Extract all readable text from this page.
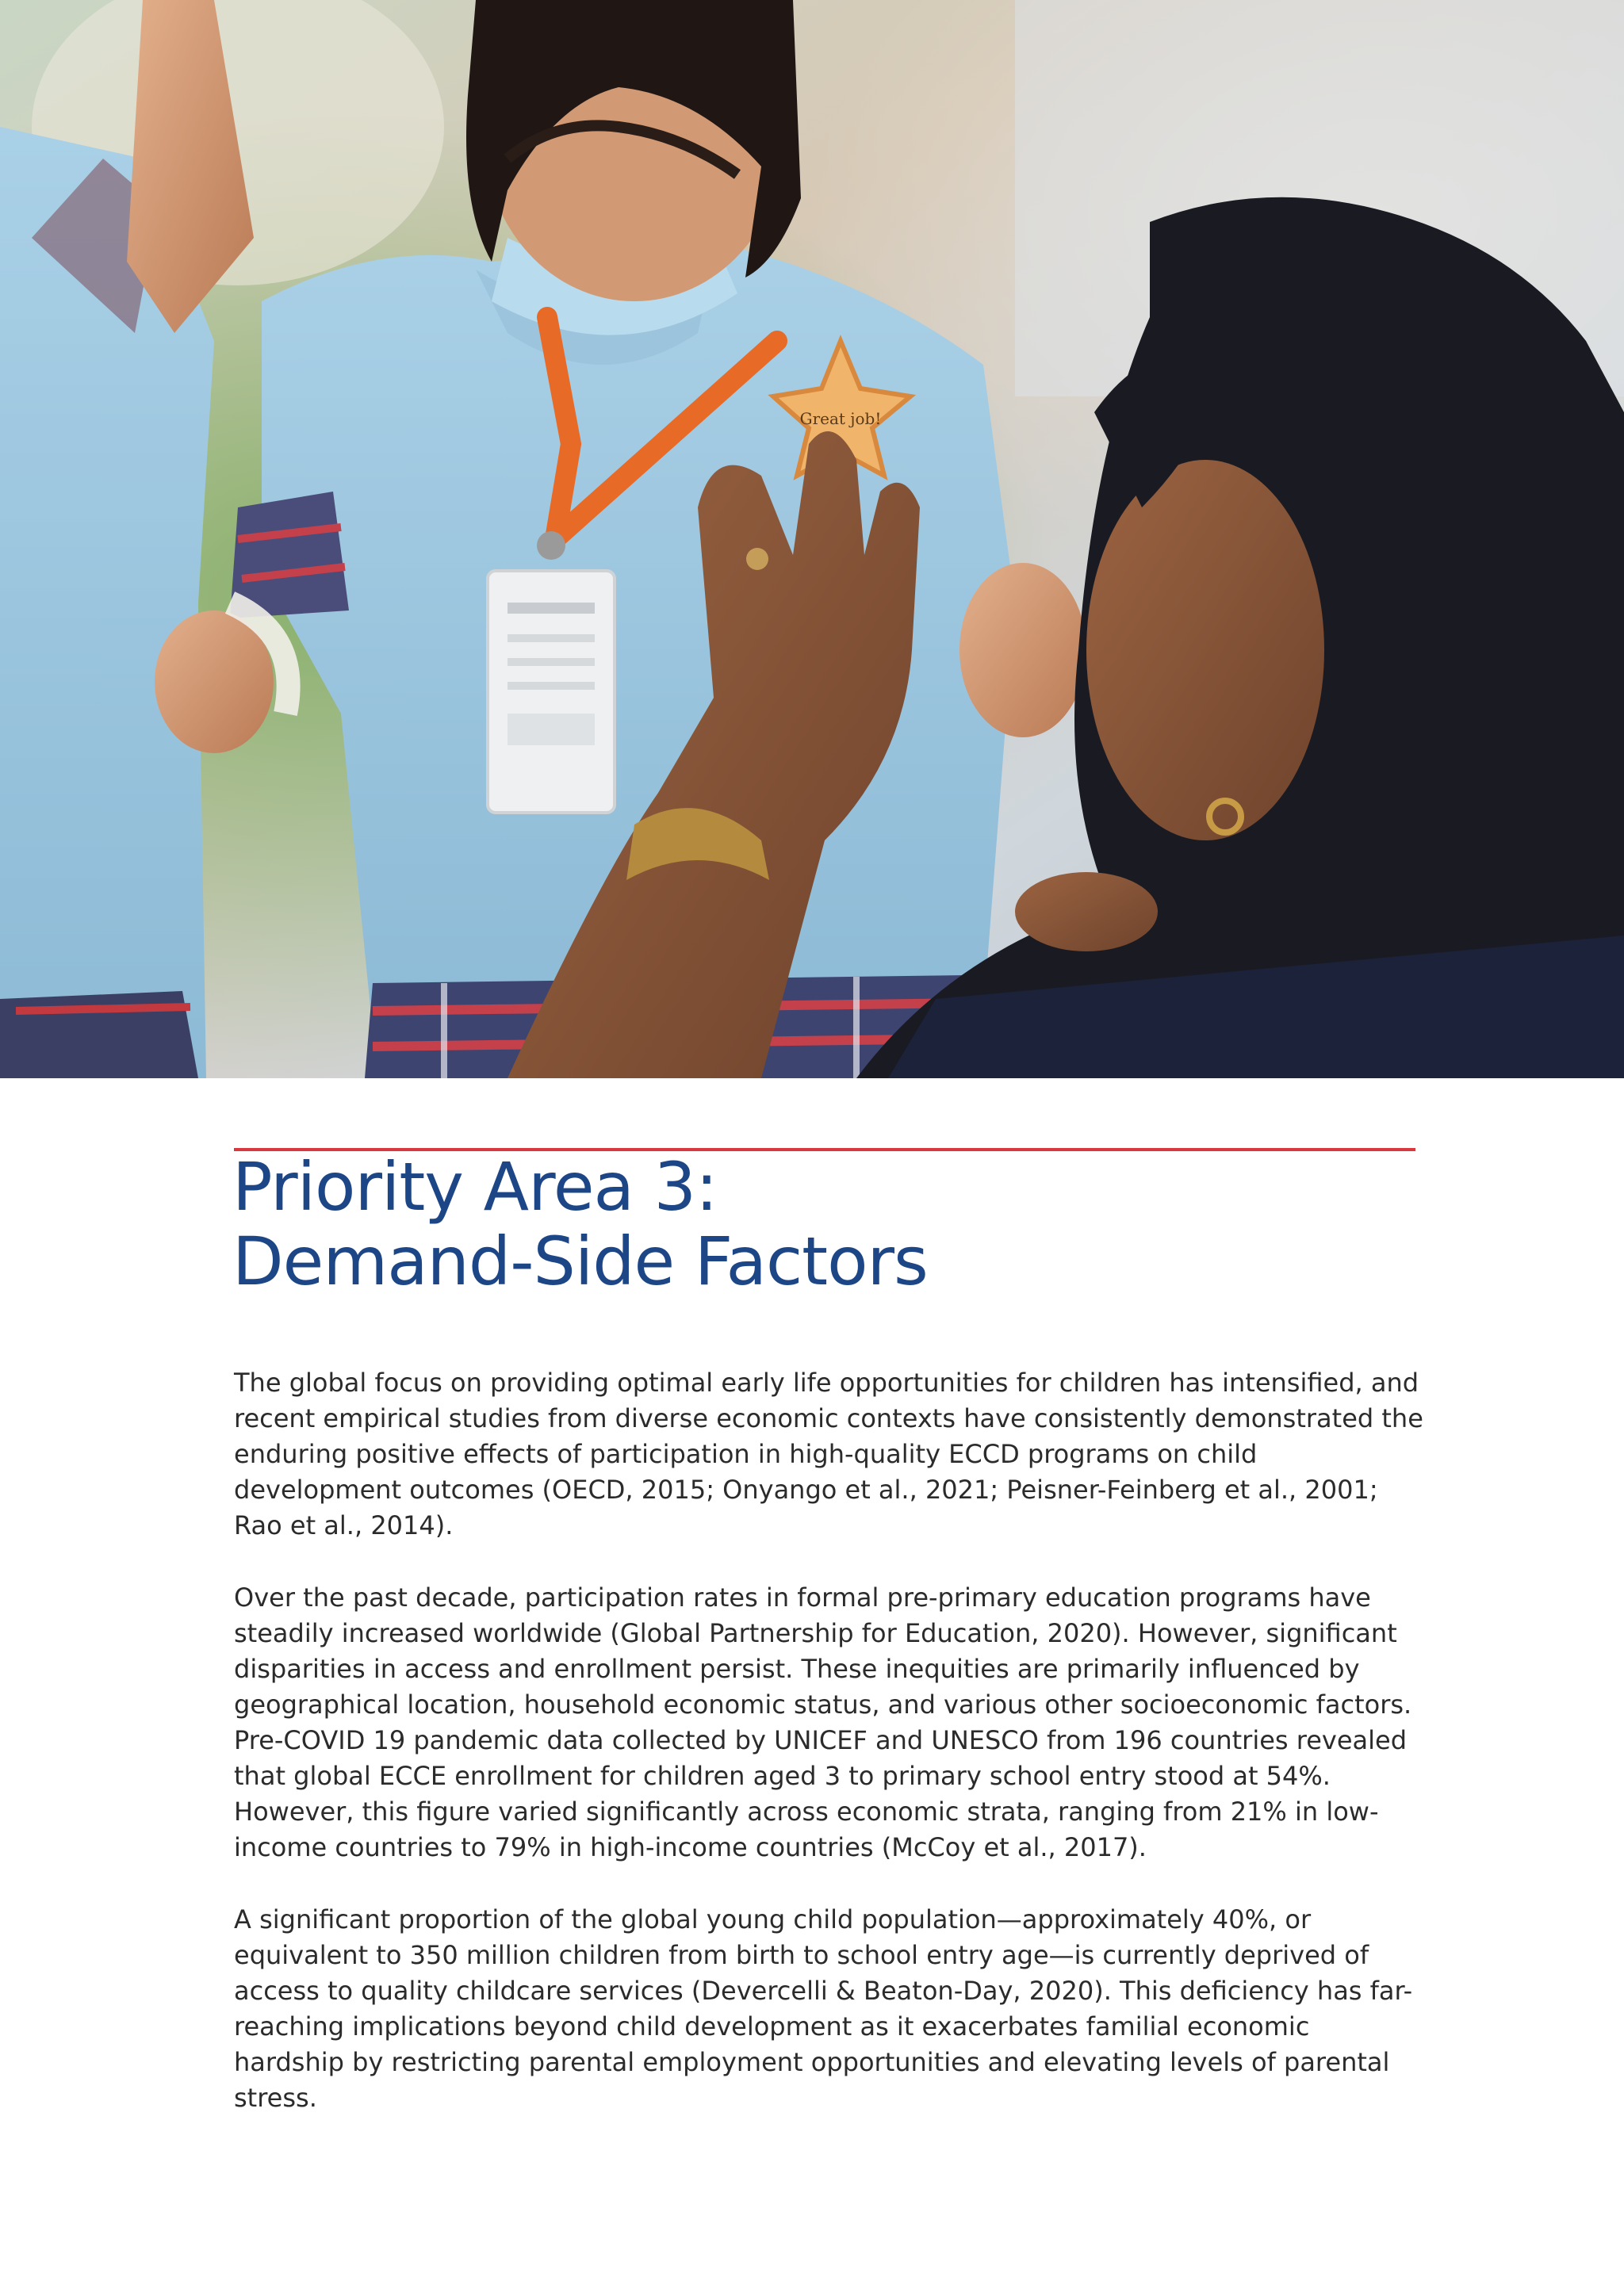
Great job!
Priority Area 3:
Demand-Side Factors

The global focus on providing optimal early life opportunities for children has intensified, and recent empirical studies from diverse economic contexts have consistently demonstrated the enduring positive effects of participation in high-quality ECCD programs on child development outcomes (OECD, 2015; Onyango et al., 2021; Peisner-Feinberg et al., 2001; Rao et al., 2014).

Over the past decade, participation rates in formal pre-primary education programs have steadily increased worldwide (Global Partnership for Education, 2020). However, significant disparities in access and enrollment persist. These inequities are primarily influenced by geographical location, household economic status, and various other socioeconomic factors. Pre-COVID 19 pandemic data collected by UNICEF and UNESCO from 196 countries revealed that global ECCE enrollment for children aged 3 to primary school entry stood at 54%. However, this figure varied significantly across economic strata, ranging from 21% in low-income countries to 79% in high-income countries (McCoy et al., 2017).

A significant proportion of the global young child population—approximately 40%, or equivalent to 350 million children from birth to school entry age—is currently deprived of access to quality childcare services (Devercelli & Beaton-Day, 2020). This deficiency has far-reaching implications beyond child development as it exacerbates familial economic hardship by restricting parental employment opportunities and elevating levels of parental stress.
